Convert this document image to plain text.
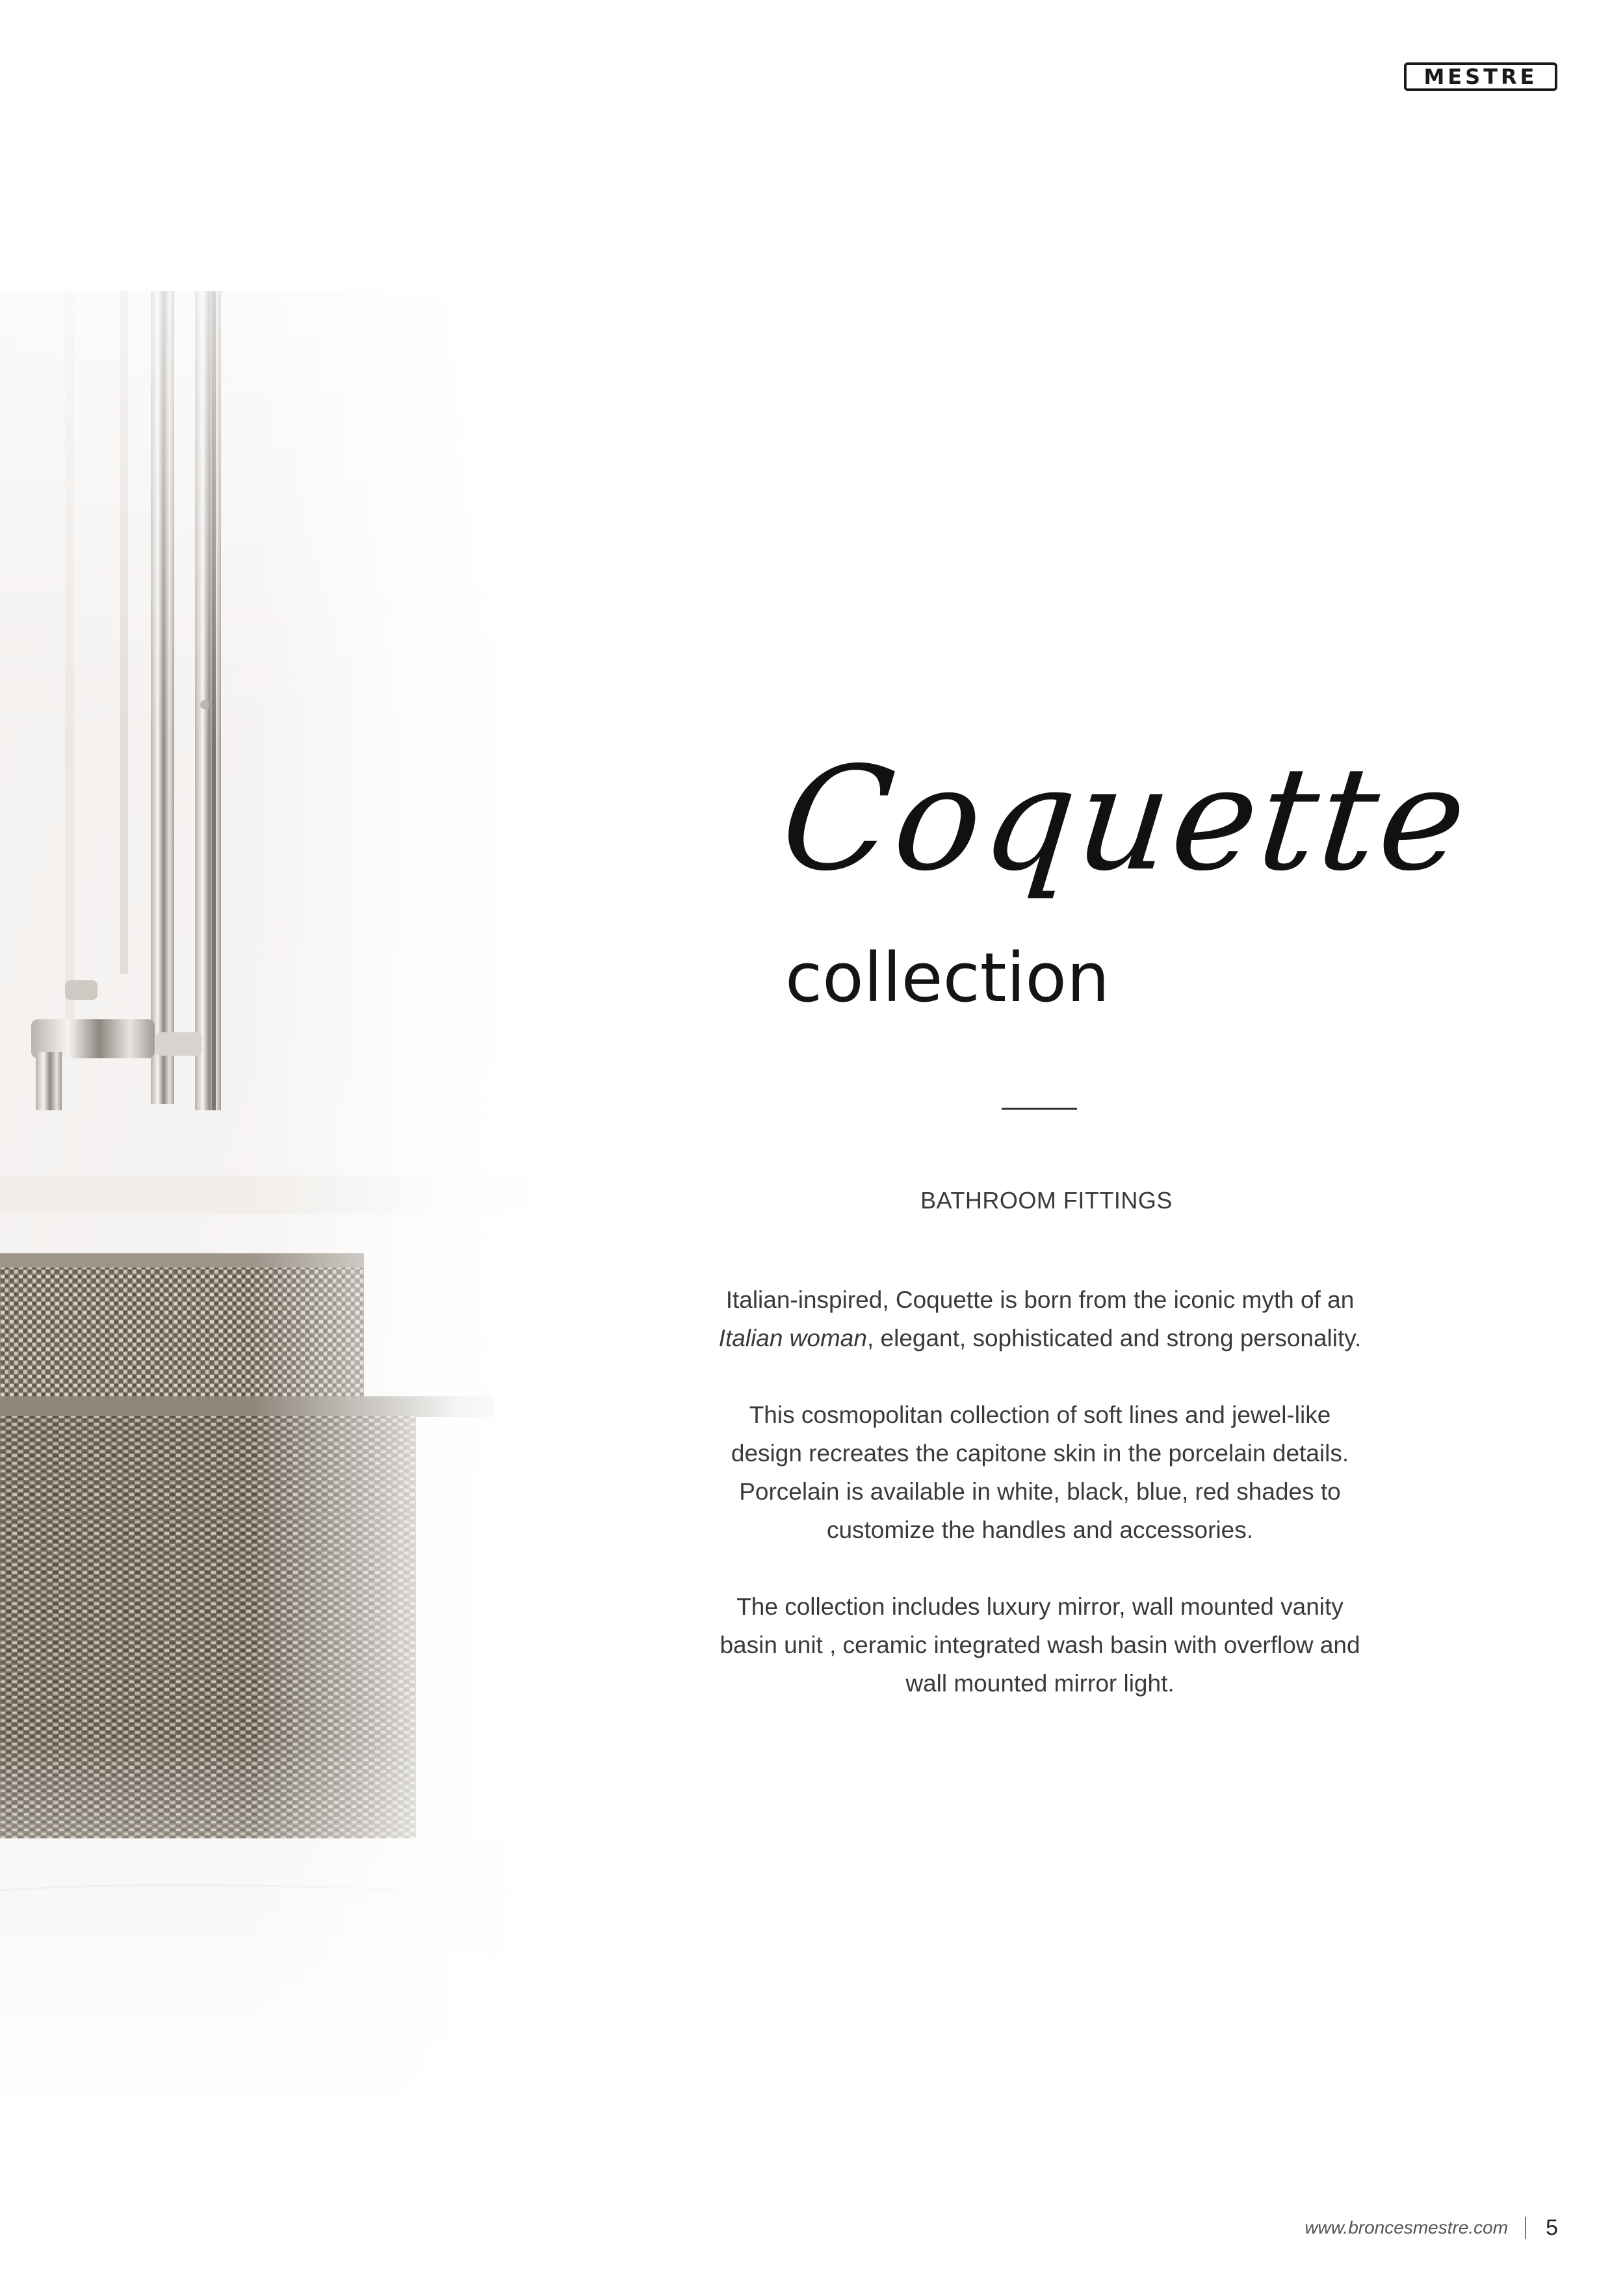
MESTRE
Coquette
collection
BATHROOM FITTINGS

Italian-inspired, Coquette is born from the iconic myth of an
Italian woman, elegant, sophisticated and strong personality.

This cosmopolitan collection of soft lines and jewel-like
design recreates the capitone skin in the porcelain details.
Porcelain is available in white, black, blue, red shades to
customize the handles and accessories.

The collection includes luxury mirror, wall mounted vanity
basin unit , ceramic integrated wash basin with overflow and
wall mounted mirror light.

www.broncesmestre.com 5
